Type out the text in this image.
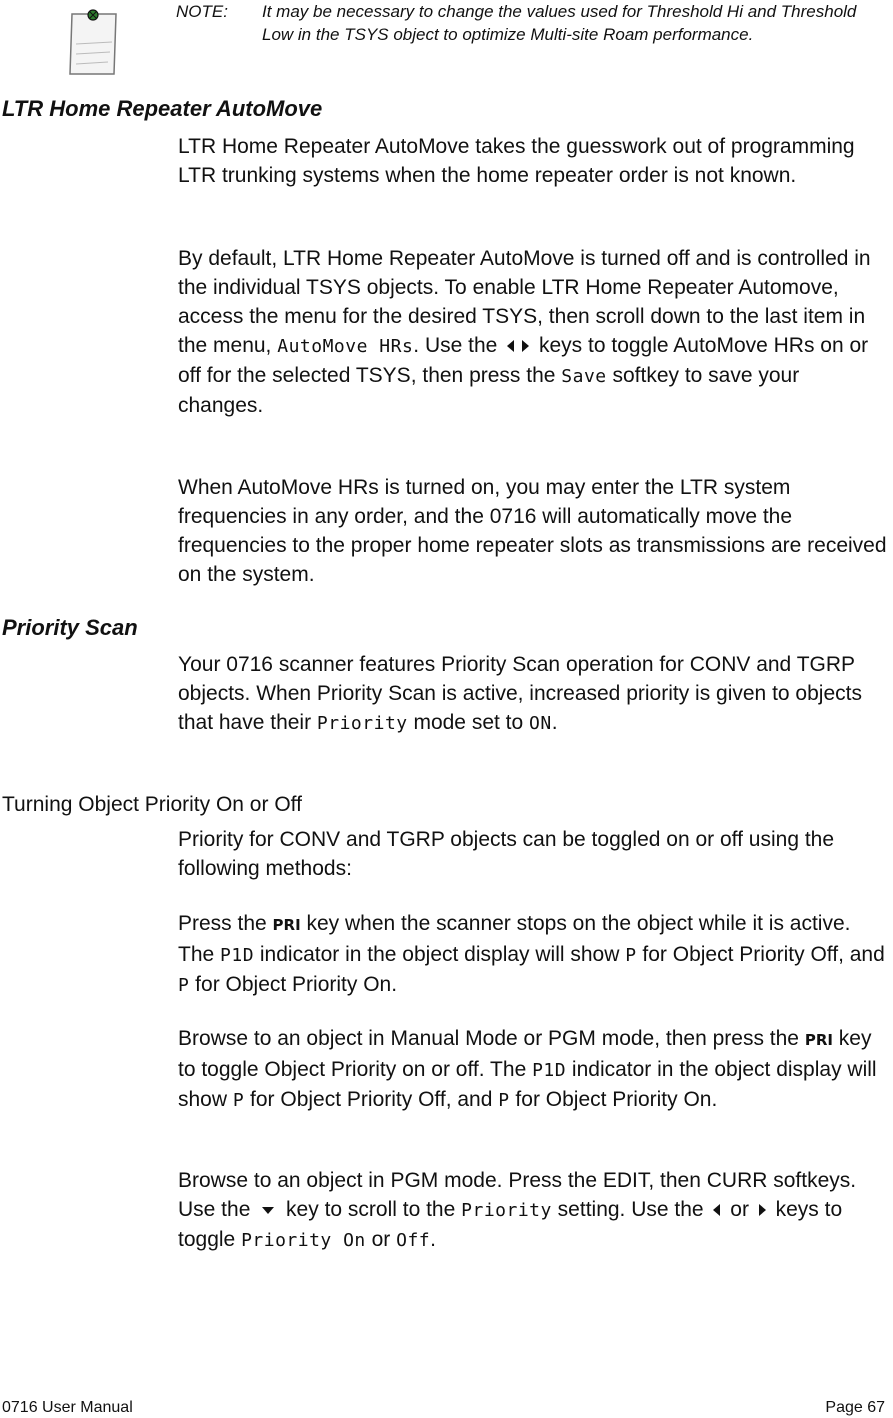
NOTE:	It may be necessary to change the values used for Threshold Hi and Threshold Low in the TSYS object to optimize Multi-site Roam performance.
LTR Home Repeater AutoMove

LTR Home Repeater AutoMove takes the guesswork out of programming LTR trunking systems when the home repeater order is not known.

By default, LTR Home Repeater AutoMove is turned off and is controlled in the individual TSYS objects. To enable LTR Home Repeater Automove, access the menu for the desired TSYS, then scroll down to the last item in the menu, AutoMove HRs. Use the  keys to toggle AutoMove HRs on or off for the selected TSYS, then press the Save softkey to save your changes.

When AutoMove HRs is turned on, you may enter the LTR system frequencies in any order, and the 0716 will automatically move the frequencies to the proper home repeater slots as transmissions are received on the system.

Priority Scan

Your 0716 scanner features Priority Scan operation for CONV and TGRP objects. When Priority Scan is active, increased priority is given to objects that have their Priority mode set to ON.

Turning Object Priority On or Off

Priority for CONV and TGRP objects can be toggled on or off using the following methods:

Press the PRI key when the scanner stops on the object while it is active. The P1D indicator in the object display will show P for Object Priority Off, and P for Object Priority On.

Browse to an object in Manual Mode or PGM mode, then press the PRI key to toggle Object Priority on or off. The P1D indicator in the object display will show P for Object Priority Off, and P for Object Priority On.

Browse to an object in PGM mode. Press the EDIT, then CURR softkeys. Use the  key to scroll to the Priority setting. Use the  or  keys to toggle Priority On or Off.

0716 User Manual	Page 67
